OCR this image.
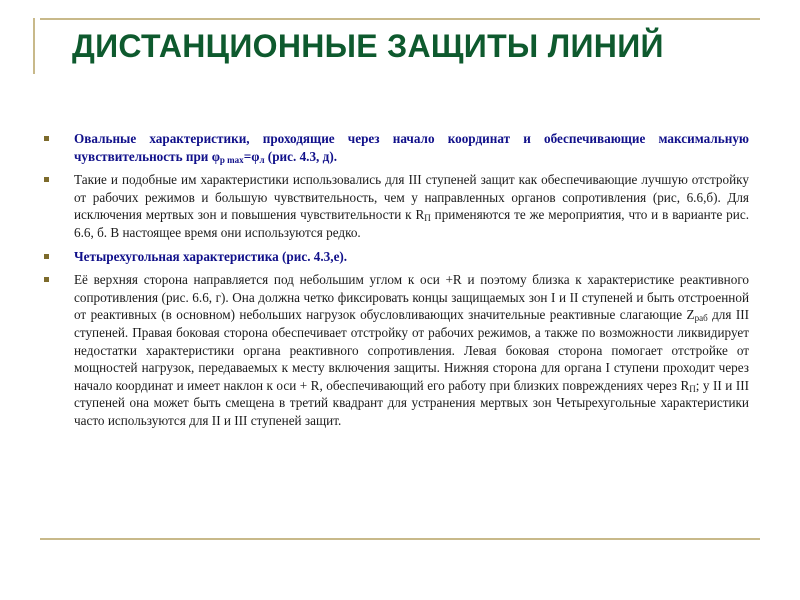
ДИСТАНЦИОННЫЕ ЗАЩИТЫ ЛИНИЙ
Овальные характеристики, проходящие через начало координат и обеспечивающие максимальную чувствительность при $\varphi_{р max}=\varphi_л$ (рис. 4.3, д).
Такие и подобные им характеристики использовались для III ступеней защит как обеспечивающие лучшую отстройку от рабочих режимов и большую чувствительность, чем у направленных органов сопротивления (рис, 6.6,б). Для исключения мертвых зон и повышения чувствительности к $R_П$ применяются те же мероприятия, что и в варианте рис. 6.6, б. В настоящее время они используются редко.
Четырехугольная характеристика (рис. 4.3,е).
Её верхняя сторона направляется под небольшим углом к оси +R и поэтому близка к характеристике реактивного сопротивления (рис. 6.6, г). Она должна четко фиксировать концы защищаемых зон I и II ступеней и быть отстроенной от реактивных (в основном) небольших нагрузок обусловливающих значительные реактивные слагающие $Z_{раб}$ для III ступеней. Правая боковая сторона обеспечивает отстройку от рабочих режимов, а также по возможности ликвидирует недостатки характеристики органа реактивного сопротивления. Левая боковая сторона помогает отстройке от мощностей нагрузок, передаваемых к месту включения защиты. Нижняя сторона для органа I ступени проходит через начало координат и имеет наклон к оси + R, обеспечивающий его работу при близких повреждениях через $R_П$; у II и III ступеней она может быть смещена в третий квадрант для устранения мертвых зон Четырехугольные характеристики часто используются для II и III ступеней защит.
